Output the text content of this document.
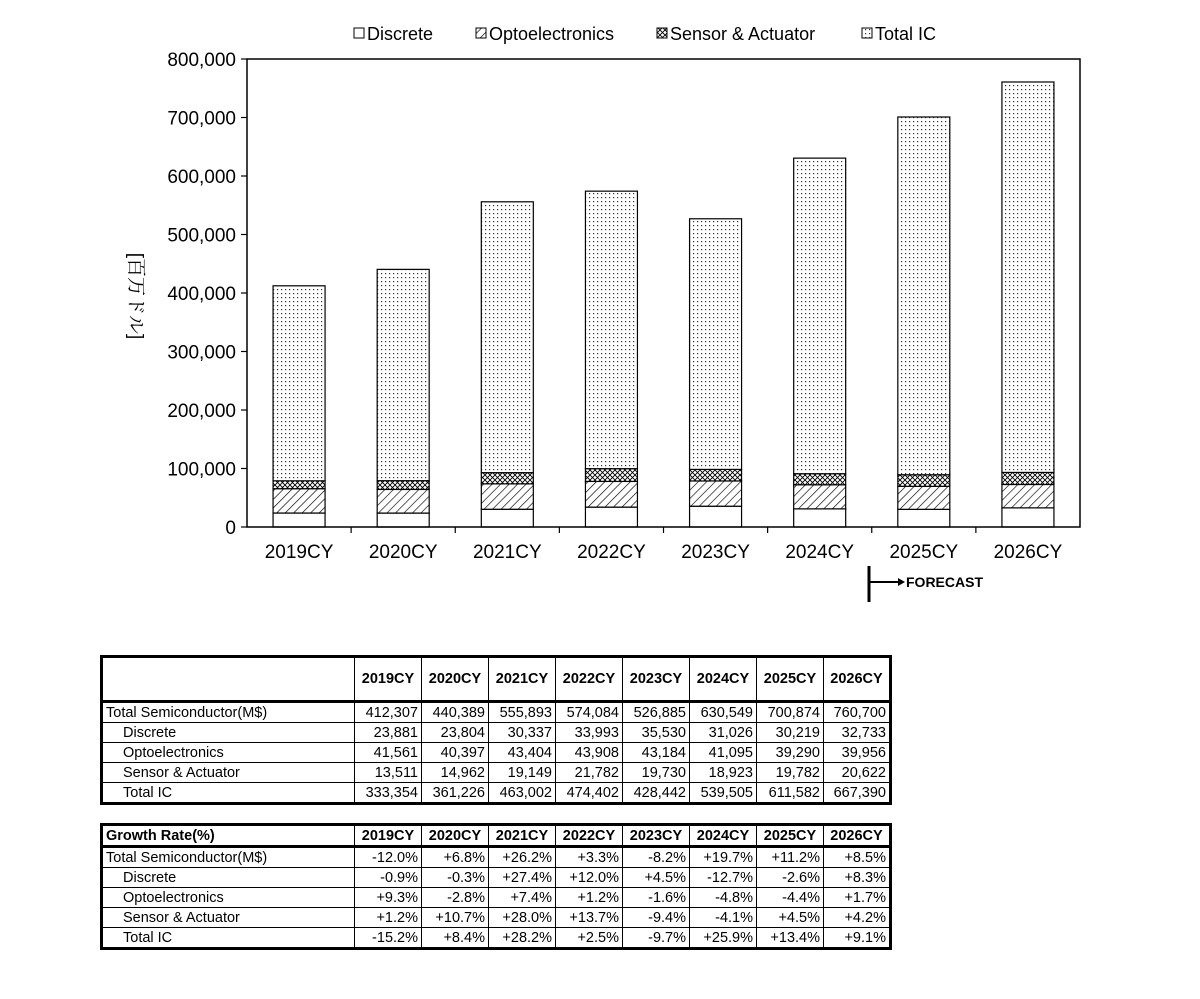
Discrete	Optoelectronics	Sensor & Actuator	Total IC
0
100,000
200,000
300,000
400,000
500,000
600,000
700,000
800,000
2019CY 2020CY 2021CY 2022CY 2023CY 2024CY 2025CY 2026CY
[百万ドル]
FORECAST
	2019CY	2020CY	2021CY	2022CY	2023CY	2024CY	2025CY	2026CY
Total Semiconductor(M$)	412,307	440,389	555,893	574,084	526,885	630,549	700,874	760,700
Discrete	23,881	23,804	30,337	33,993	35,530	31,026	30,219	32,733
Optoelectronics	41,561	40,397	43,404	43,908	43,184	41,095	39,290	39,956
Sensor & Actuator	13,511	14,962	19,149	21,782	19,730	18,923	19,782	20,622
Total IC	333,354	361,226	463,002	474,402	428,442	539,505	611,582	667,390
Growth Rate(%)	2019CY	2020CY	2021CY	2022CY	2023CY	2024CY	2025CY	2026CY
Total Semiconductor(M$)	-12.0%	+6.8%	+26.2%	+3.3%	-8.2%	+19.7%	+11.2%	+8.5%
Discrete	-0.9%	-0.3%	+27.4%	+12.0%	+4.5%	-12.7%	-2.6%	+8.3%
Optoelectronics	+9.3%	-2.8%	+7.4%	+1.2%	-1.6%	-4.8%	-4.4%	+1.7%
Sensor & Actuator	+1.2%	+10.7%	+28.0%	+13.7%	-9.4%	-4.1%	+4.5%	+4.2%
Total IC	-15.2%	+8.4%	+28.2%	+2.5%	-9.7%	+25.9%	+13.4%	+9.1%
